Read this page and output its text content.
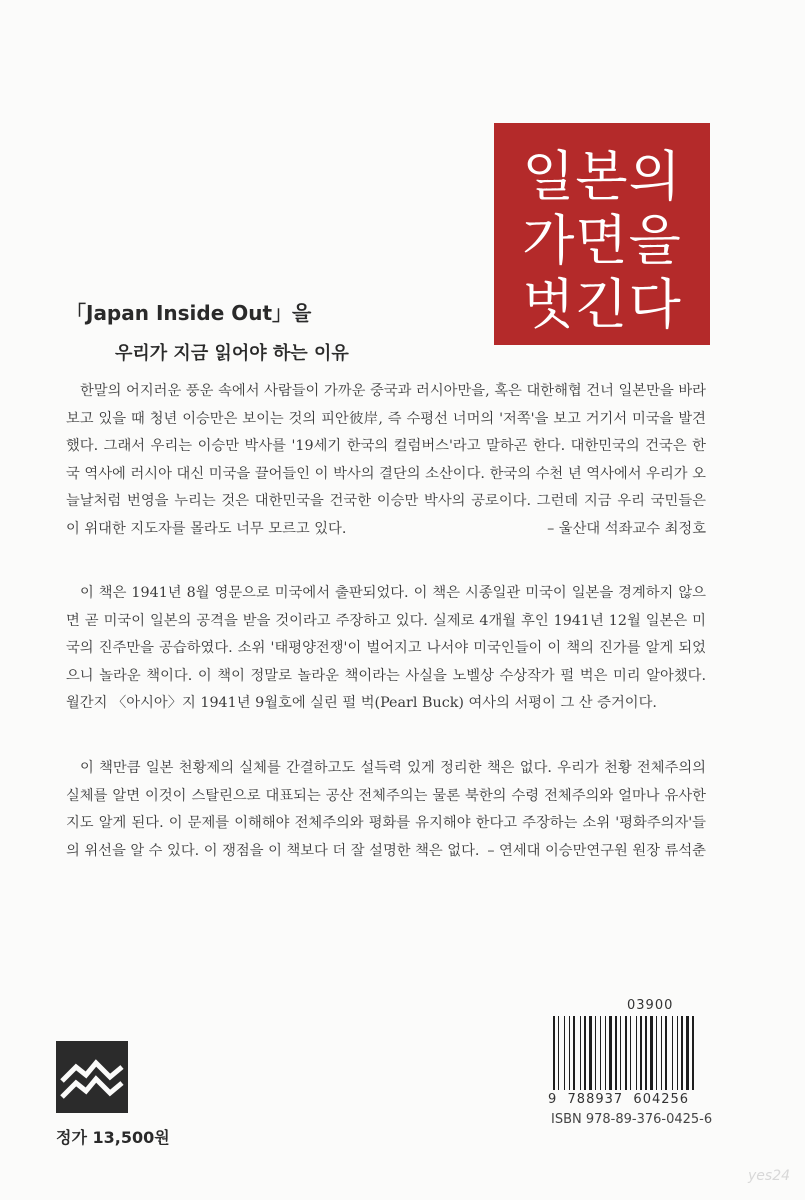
일본의
가면을
벗긴다
「Japan Inside Out」을
우리가 지금 읽어야 하는 이유
한말의 어지러운 풍운 속에서 사람들이 가까운 중국과 러시아만을, 혹은 대한해협 건너 일본만을 바라보고 있을 때 청년 이승만은 보이는 것의 피안彼岸, 즉 수평선 너머의 '저쪽'을 보고 거기서 미국을 발견했다. 그래서 우리는 이승만 박사를 '19세기 한국의 컬럼버스'라고 말하곤 한다. 대한민국의 건국은 한국 역사에 러시아 대신 미국을 끌어들인 이 박사의 결단의 소산이다. 한국의 수천 년 역사에서 우리가 오늘날처럼 번영을 누리는 것은 대한민국을 건국한 이승만 박사의 공로이다. 그런데 지금 우리 국민들은 이 위대한 지도자를 몰라도 너무 모르고 있다.	– 울산대 석좌교수 최정호
이 책은 1941년 8월 영문으로 미국에서 출판되었다. 이 책은 시종일관 미국이 일본을 경계하지 않으면 곧 미국이 일본의 공격을 받을 것이라고 주장하고 있다. 실제로 4개월 후인 1941년 12월 일본은 미국의 진주만을 공습하였다. 소위 '태평양전쟁'이 벌어지고 나서야 미국인들이 이 책의 진가를 알게 되었으니 놀라운 책이다. 이 책이 정말로 놀라운 책이라는 사실을 노벨상 수상작가 펄 벅은 미리 알아챘다. 월간지 〈아시아〉지 1941년 9월호에 실린 펄 벅(Pearl Buck) 여사의 서평이 그 산 증거이다.
이 책만큼 일본 천황제의 실체를 간결하고도 설득력 있게 정리한 책은 없다. 우리가 천황 전체주의의 실체를 알면 이것이 스탈린으로 대표되는 공산 전체주의는 물론 북한의 수령 전체주의와 얼마나 유사한지도 알게 된다. 이 문제를 이해해야 전체주의와 평화를 유지해야 한다고 주장하는 소위 '평화주의자'들의 위선을 알 수 있다. 이 쟁점을 이 책보다 더 잘 설명한 책은 없다. – 연세대 이승만연구원 원장 류석춘
03900
9  788937  604256
ISBN 978-89-376-0425-6
정가 13,500원
yes24
